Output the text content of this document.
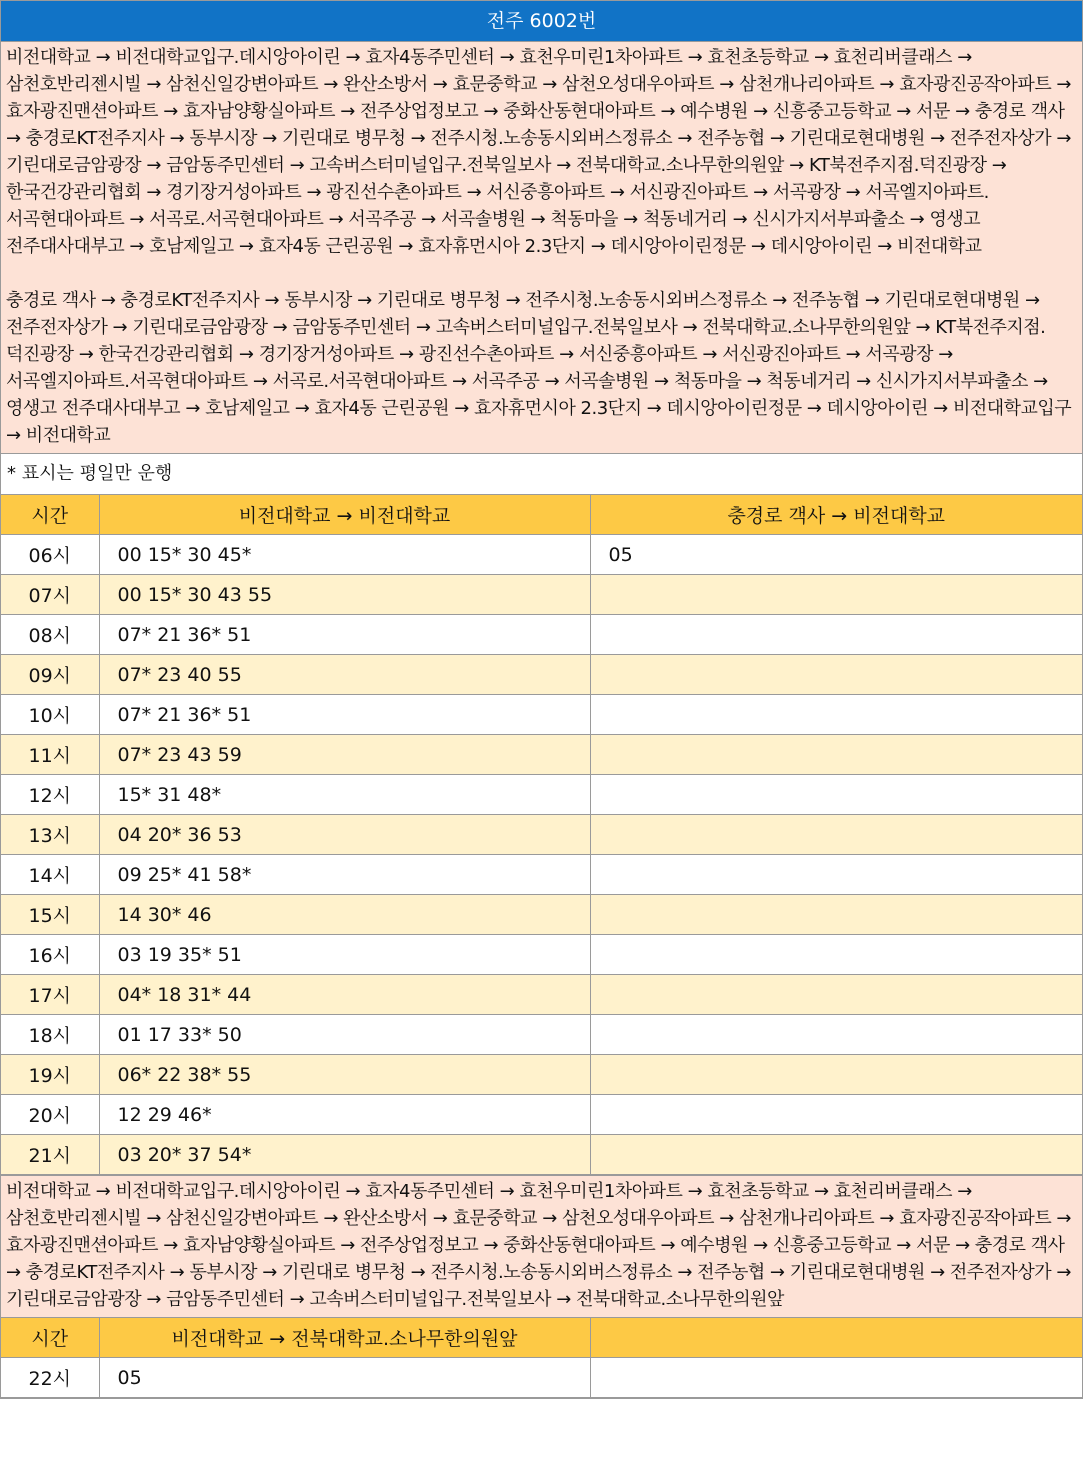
전주 6002번

비전대학교 → 비전대학교입구.데시앙아이린 → 효자4동주민센터 → 효천우미린1차아파트 → 효천초등학교 → 효천리버클래스 → 삼천호반리젠시빌 → 삼천신일강변아파트 → 완산소방서 → 효문중학교 → 삼천오성대우아파트 → 삼천개나리아파트 → 효자광진공작아파트 → 효자광진맨션아파트 → 효자남양황실아파트 → 전주상업정보고 → 중화산동현대아파트 → 예수병원 → 신흥중고등학교 → 서문 → 충경로 객사 → 충경로KT전주지사 → 동부시장 → 기린대로 병무청 → 전주시청.노송동시외버스정류소 → 전주농협 → 기린대로현대병원 → 전주전자상가 → 기린대로금암광장 → 금암동주민센터 → 고속버스터미널입구.전북일보사 → 전북대학교.소나무한의원앞 → KT북전주지점.덕진광장 → 한국건강관리협회 → 경기장거성아파트 → 광진선수촌아파트 → 서신중흥아파트 → 서신광진아파트 → 서곡광장 → 서곡엘지아파트.서곡현대아파트 → 서곡로.서곡현대아파트 → 서곡주공 → 서곡솔병원 → 척동마을 → 척동네거리 → 신시가지서부파출소 → 영생고 전주대사대부고 → 호남제일고 → 효자4동 근린공원 → 효자휴먼시아 2.3단지 → 데시앙아이린정문 → 데시앙아이린 → 비전대학교

충경로 객사 → 충경로KT전주지사 → 동부시장 → 기린대로 병무청 → 전주시청.노송동시외버스정류소 → 전주농협 → 기린대로현대병원 → 전주전자상가 → 기린대로금암광장 → 금암동주민센터 → 고속버스터미널입구.전북일보사 → 전북대학교.소나무한의원앞 → KT북전주지점.덕진광장 → 한국건강관리협회 → 경기장거성아파트 → 광진선수촌아파트 → 서신중흥아파트 → 서신광진아파트 → 서곡광장 → 서곡엘지아파트.서곡현대아파트 → 서곡로.서곡현대아파트 → 서곡주공 → 서곡솔병원 → 척동마을 → 척동네거리 → 신시가지서부파출소 → 영생고 전주대사대부고 → 호남제일고 → 효자4동 근린공원 → 효자휴먼시아 2.3단지 → 데시앙아이린정문 → 데시앙아이린 → 비전대학교입구 → 비전대학교

* 표시는 평일만 운행
시간	비전대학교 → 비전대학교	충경로 객사 → 비전대학교
06시	00 15* 30 45*	05
07시	00 15* 30 43 55	
08시	07* 21 36* 51	
09시	07* 23 40 55	
10시	07* 21 36* 51	
11시	07* 23 43 59	
12시	15* 31 48*	
13시	04 20* 36 53	
14시	09 25* 41 58*	
15시	14 30* 46	
16시	03 19 35* 51	
17시	04* 18 31* 44	
18시	01 17 33* 50	
19시	06* 22 38* 55	
20시	12 29 46*	
21시	03 20* 37 54*	

비전대학교 → 비전대학교입구.데시앙아이린 → 효자4동주민센터 → 효천우미린1차아파트 → 효천초등학교 → 효천리버클래스 → 삼천호반리젠시빌 → 삼천신일강변아파트 → 완산소방서 → 효문중학교 → 삼천오성대우아파트 → 삼천개나리아파트 → 효자광진공작아파트 → 효자광진맨션아파트 → 효자남양황실아파트 → 전주상업정보고 → 중화산동현대아파트 → 예수병원 → 신흥중고등학교 → 서문 → 충경로 객사 → 충경로KT전주지사 → 동부시장 → 기린대로 병무청 → 전주시청.노송동시외버스정류소 → 전주농협 → 기린대로현대병원 → 전주전자상가 → 기린대로금암광장 → 금암동주민센터 → 고속버스터미널입구.전북일보사 → 전북대학교.소나무한의원앞

시간	비전대학교 → 전북대학교.소나무한의원앞	
22시	05	
